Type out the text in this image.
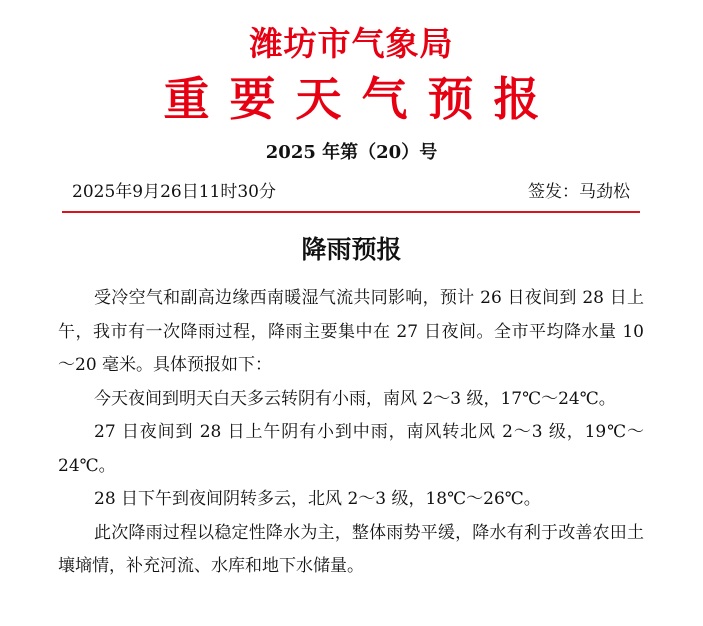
潍坊市气象局
重要天气预报
2025 年第（20）号
2025年9月26日11时30分	签发：马劲松
降雨预报

受冷空气和副高边缘西南暖湿气流共同影响，预计 26 日夜间到 28 日上午，我市有一次降雨过程，降雨主要集中在 27 日夜间。全市平均降水量 10～20 毫米。具体预报如下：

今天夜间到明天白天多云转阴有小雨，南风 2～3 级，17℃～24℃。

27 日夜间到 28 日上午阴有小到中雨，南风转北风 2～3 级，19℃～24℃。

28 日下午到夜间阴转多云，北风 2～3 级，18℃～26℃。

此次降雨过程以稳定性降水为主，整体雨势平缓，降水有利于改善农田土壤墒情，补充河流、水库和地下水储量。
